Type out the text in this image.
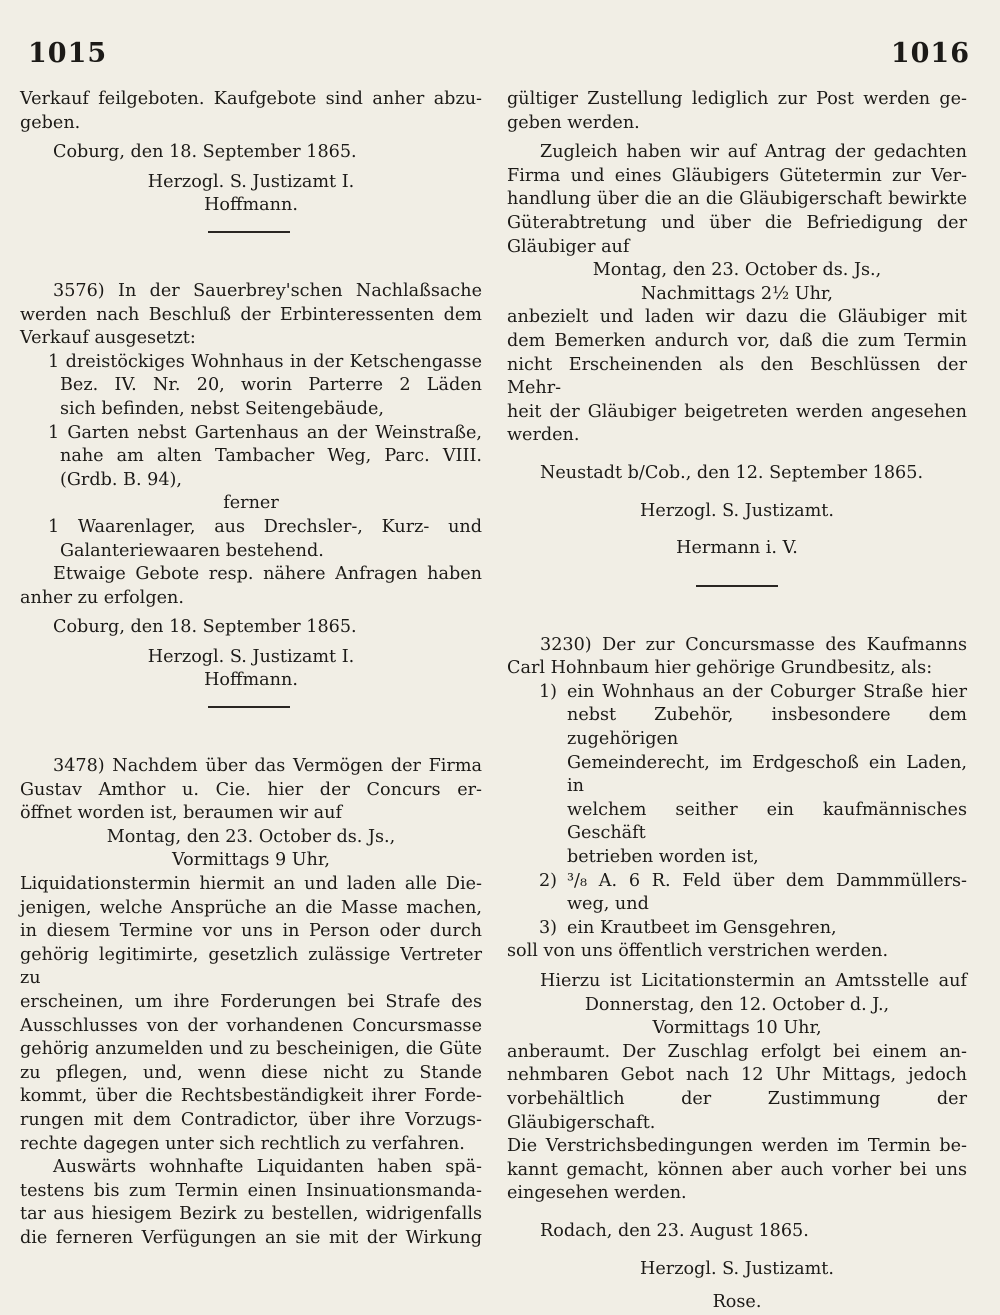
1015	1016

Verkauf feilgeboten. Kaufgebote sind anher abzu-

geben.

Coburg, den 18. September 1865.

Herzogl. S. Justizamt I.

Hoffmann.

3576) In der Sauerbrey'schen Nachlaßsache

werden nach Beschluß der Erbinteressenten dem

Verkauf ausgesetzt:

1 dreistöckiges Wohnhaus in der Ketschengasse

Bez. IV. Nr. 20, worin Parterre 2 Läden

sich befinden, nebst Seitengebäude,

1 Garten nebst Gartenhaus an der Weinstraße,

nahe am alten Tambacher Weg, Parc. VIII.

(Grdb. B. 94),

ferner

1 Waarenlager, aus Drechsler-, Kurz- und

Galanteriewaaren bestehend.

Etwaige Gebote resp. nähere Anfragen haben

anher zu erfolgen.

Coburg, den 18. September 1865.

Herzogl. S. Justizamt I.

Hoffmann.

3478) Nachdem über das Vermögen der Firma

Gustav Amthor u. Cie. hier der Concurs er-

öffnet worden ist, beraumen wir auf

Montag, den 23. October ds. Js.,

Vormittags 9 Uhr,

Liquidationstermin hiermit an und laden alle Die-

jenigen, welche Ansprüche an die Masse machen,

in diesem Termine vor uns in Person oder durch

gehörig legitimirte, gesetzlich zulässige Vertreter zu

erscheinen, um ihre Forderungen bei Strafe des

Ausschlusses von der vorhandenen Concursmasse

gehörig anzumelden und zu bescheinigen, die Güte

zu pflegen, und, wenn diese nicht zu Stande

kommt, über die Rechtsbeständigkeit ihrer Forde-

rungen mit dem Contradictor, über ihre Vorzugs-

rechte dagegen unter sich rechtlich zu verfahren.

Auswärts wohnhafte Liquidanten haben spä-

testens bis zum Termin einen Insinuationsmanda-

tar aus hiesigem Bezirk zu bestellen, widrigenfalls

die ferneren Verfügungen an sie mit der Wirkung

gültiger Zustellung lediglich zur Post werden ge-

geben werden.

Zugleich haben wir auf Antrag der gedachten

Firma und eines Gläubigers Gütetermin zur Ver-

handlung über die an die Gläubigerschaft bewirkte

Güterabtretung und über die Befriedigung der

Gläubiger auf

Montag, den 23. October ds. Js.,

Nachmittags 2½ Uhr,

anbezielt und laden wir dazu die Gläubiger mit

dem Bemerken andurch vor, daß die zum Termin

nicht Erscheinenden als den Beschlüssen der Mehr-

heit der Gläubiger beigetreten werden angesehen

werden.

Neustadt b/Cob., den 12. September 1865.

Herzogl. S. Justizamt.

Hermann i. V.

3230) Der zur Concursmasse des Kaufmanns

Carl Hohnbaum hier gehörige Grundbesitz, als:

1) ein Wohnhaus an der Coburger Straße hier

nebst Zubehör, insbesondere dem zugehörigen

Gemeinderecht, im Erdgeschoß ein Laden, in

welchem seither ein kaufmännisches Geschäft

betrieben worden ist,

2) ³/₈ A. 6 R. Feld über dem Dammmüllers-

weg, und

3) ein Krautbeet im Gensgehren,

soll von uns öffentlich verstrichen werden.

Hierzu ist Licitationstermin an Amtsstelle auf

Donnerstag, den 12. October d. J.,

Vormittags 10 Uhr,

anberaumt. Der Zuschlag erfolgt bei einem an-

nehmbaren Gebot nach 12 Uhr Mittags, jedoch

vorbehältlich der Zustimmung der Gläubigerschaft.

Die Verstrichsbedingungen werden im Termin be-

kannt gemacht, können aber auch vorher bei uns

eingesehen werden.

Rodach, den 23. August 1865.

Herzogl. S. Justizamt.

Rose.
